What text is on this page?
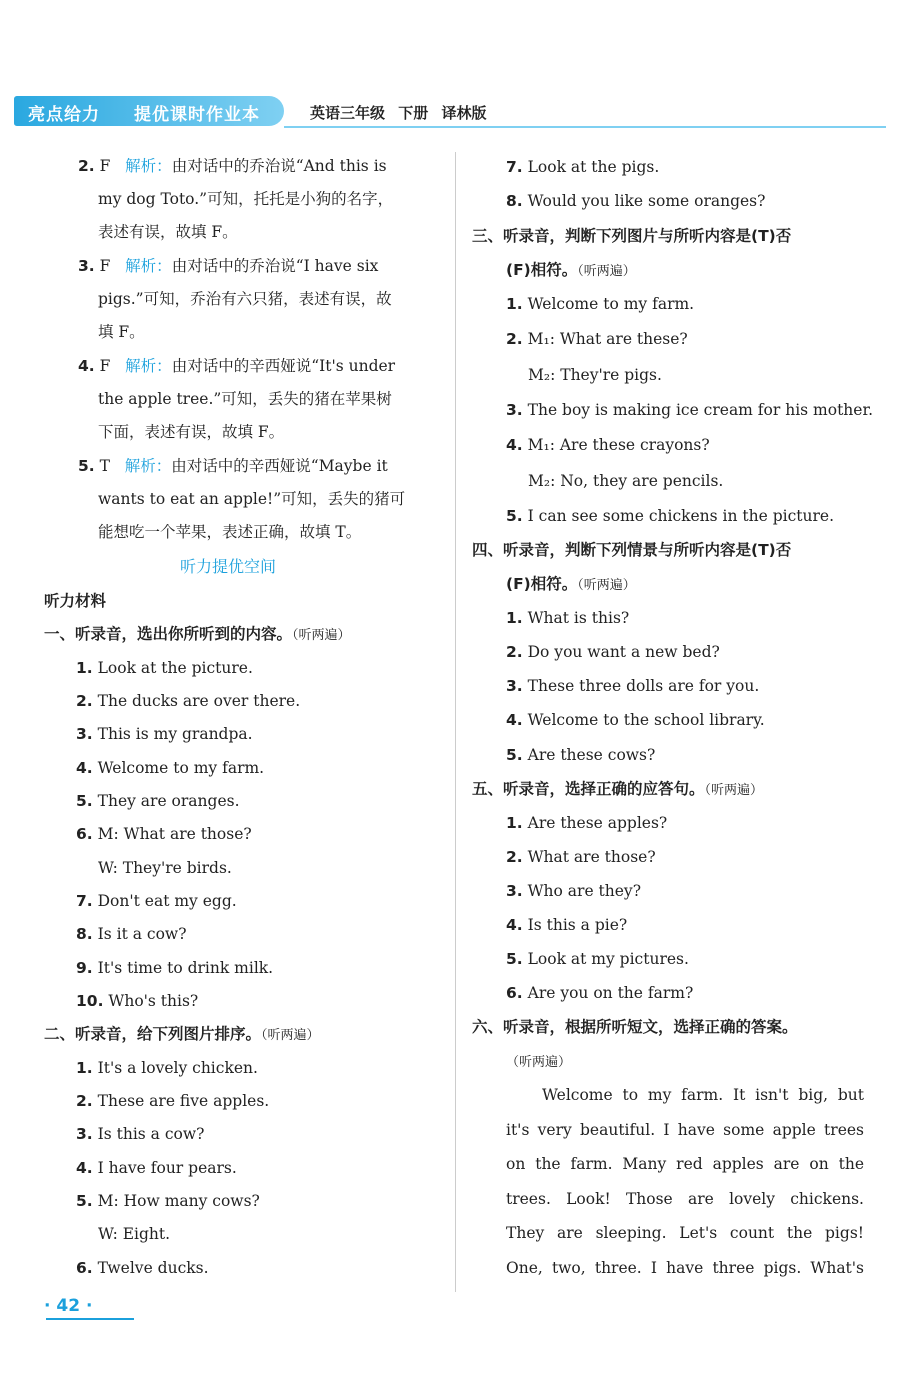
亮点给力 提优课时作业本	英语三年级 下册 译林版
2. F 解析：由对话中的乔治说“And this is
my dog Toto.”可知，托托是小狗的名字，
表述有误，故填 F。
3. F 解析：由对话中的乔治说“I have six
pigs.”可知，乔治有六只猪，表述有误，故
填 F。
4. F 解析：由对话中的辛西娅说“It's under
the apple tree.”可知，丢失的猪在苹果树
下面，表述有误，故填 F。
5. T 解析：由对话中的辛西娅说“Maybe it
wants to eat an apple!”可知，丢失的猪可
能想吃一个苹果，表述正确，故填 T。
听力提优空间
听力材料
一、听录音，选出你所听到的内容。（听两遍）
1. Look at the picture.
2. The ducks are over there.
3. This is my grandpa.
4. Welcome to my farm.
5. They are oranges.
6. M: What are those?
W: They're birds.
7. Don't eat my egg.
8. Is it a cow?
9. It's time to drink milk.
10. Who's this?
二、听录音，给下列图片排序。（听两遍）
1. It's a lovely chicken.
2. These are five apples.
3. Is this a cow?
4. I have four pears.
5. M: How many cows?
W: Eight.
6. Twelve ducks.
7. Look at the pigs.
8. Would you like some oranges?
三、听录音，判断下列图片与所听内容是(T)否
(F)相符。（听两遍）
1. Welcome to my farm.
2. M₁: What are these?
M₂: They're pigs.
3. The boy is making ice cream for his mother.
4. M₁: Are these crayons?
M₂: No, they are pencils.
5. I can see some chickens in the picture.
四、听录音，判断下列情景与所听内容是(T)否
(F)相符。（听两遍）
1. What is this?
2. Do you want a new bed?
3. These three dolls are for you.
4. Welcome to the school library.
5. Are these cows?
五、听录音，选择正确的应答句。（听两遍）
1. Are these apples?
2. What are those?
3. Who are they?
4. Is this a pie?
5. Look at my pictures.
6. Are you on the farm?
六、听录音，根据所听短文，选择正确的答案。
（听两遍）
Welcome to my farm. It isn't big, but
it's very beautiful. I have some apple trees
on the farm. Many red apples are on the
trees. Look! Those are lovely chickens.
They are sleeping. Let's count the pigs!
One, two, three. I have three pigs. What's
· 42 ·
